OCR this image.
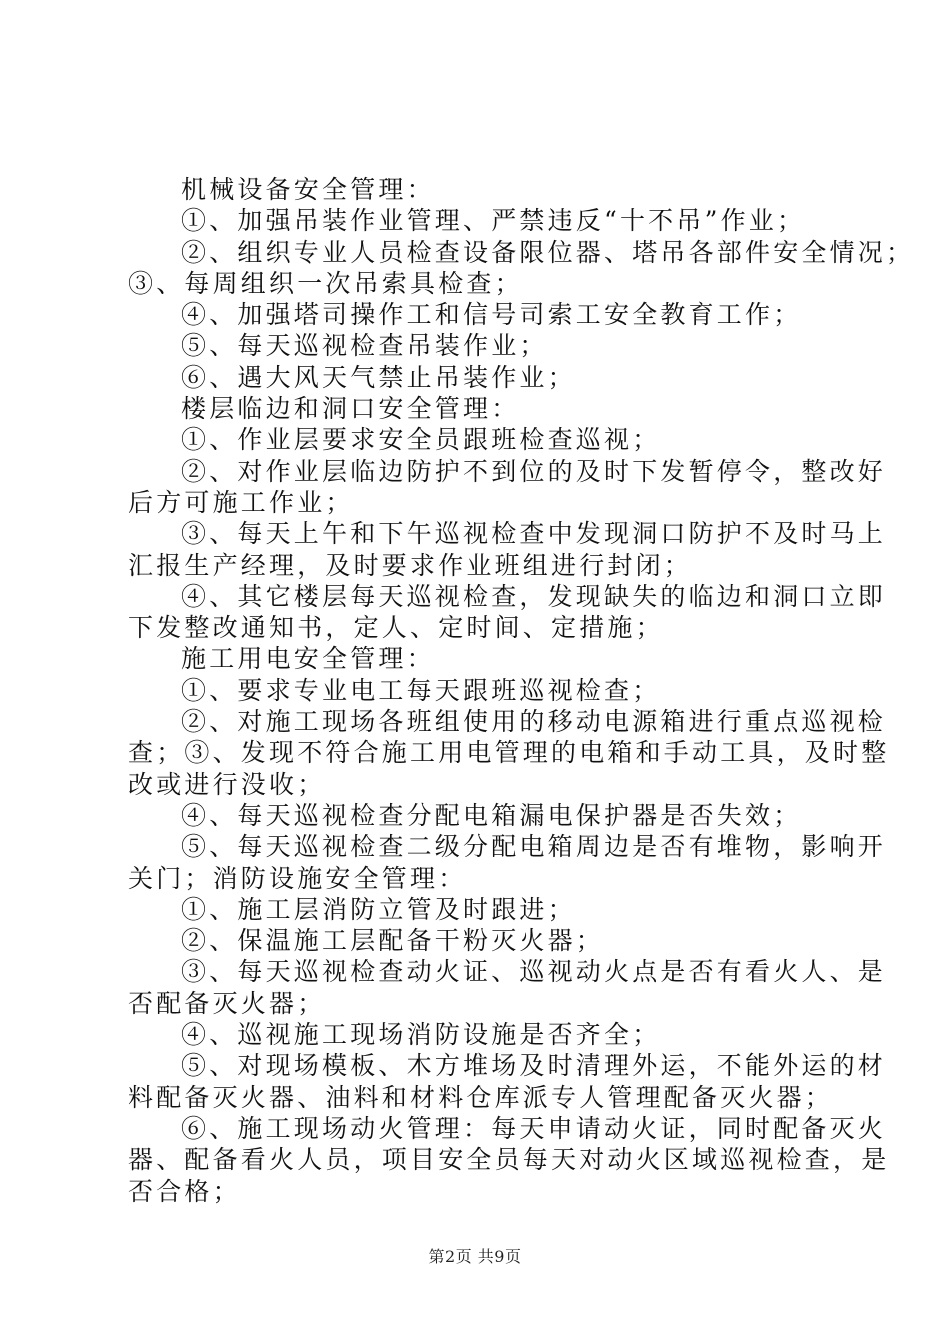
机械设备安全管理：
①、加强吊装作业管理、严禁违反“十不吊”作业；
②、组织专业人员检查设备限位器、塔吊各部件安全情况；
③、每周组织一次吊索具检查；
④、加强塔司操作工和信号司索工安全教育工作；
⑤、每天巡视检查吊装作业；
⑥、遇大风天气禁止吊装作业；
楼层临边和洞口安全管理：
①、作业层要求安全员跟班检查巡视；
②、对作业层临边防护不到位的及时下发暂停令，整改好
后方可施工作业；
③、每天上午和下午巡视检查中发现洞口防护不及时马上
汇报生产经理，及时要求作业班组进行封闭；
④、其它楼层每天巡视检查，发现缺失的临边和洞口立即
下发整改通知书，定人、定时间、定措施；
施工用电安全管理：
①、要求专业电工每天跟班巡视检查；
②、对施工现场各班组使用的移动电源箱进行重点巡视检
查；③、发现不符合施工用电管理的电箱和手动工具，及时整
改或进行没收；
④、每天巡视检查分配电箱漏电保护器是否失效；
⑤、每天巡视检查二级分配电箱周边是否有堆物，影响开
关门；消防设施安全管理：
①、施工层消防立管及时跟进；
②、保温施工层配备干粉灭火器；
③、每天巡视检查动火证、巡视动火点是否有看火人、是
否配备灭火器；
④、巡视施工现场消防设施是否齐全；
⑤、对现场模板、木方堆场及时清理外运，不能外运的材
料配备灭火器、油料和材料仓库派专人管理配备灭火器；
⑥、施工现场动火管理：每天申请动火证，同时配备灭火
器、配备看火人员，项目安全员每天对动火区域巡视检查，是
否合格；
第2页 共9页
